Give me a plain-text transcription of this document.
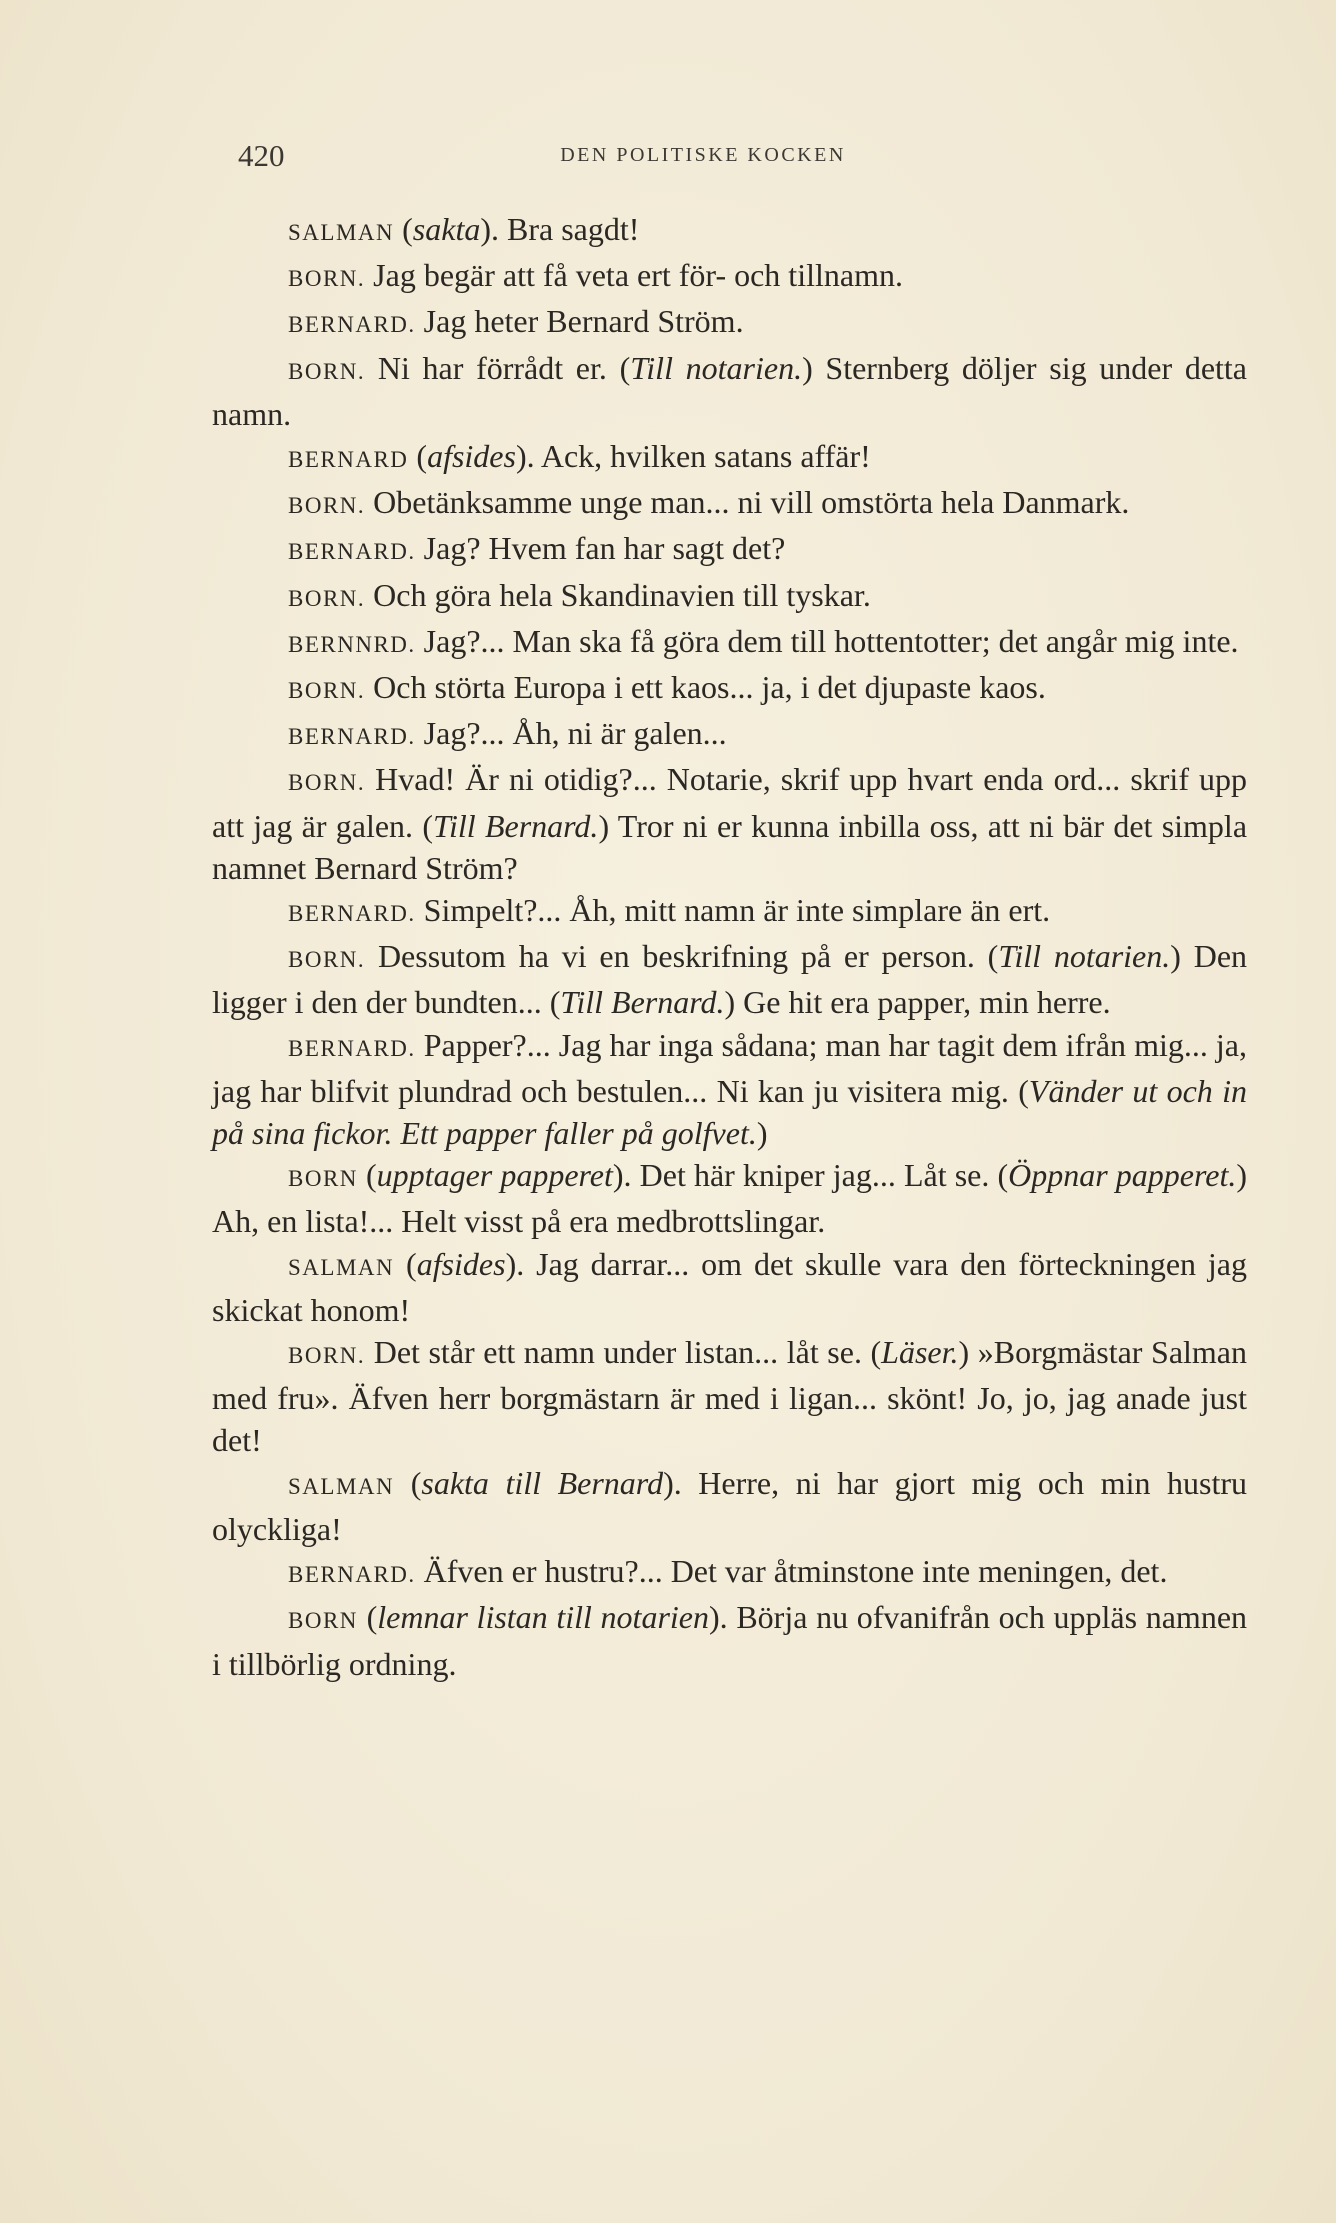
420	DEN POLITISKE KOCKEN

SALMAN (sakta). Bra sagdt!

BORN. Jag begär att få veta ert för- och tillnamn.

BERNARD. Jag heter Bernard Ström.

BORN. Ni har förrådt er. (Till notarien.) Sternberg döljer sig under detta namn.

BERNARD (afsides). Ack, hvilken satans affär!

BORN. Obetänksamme unge man... ni vill omstörta hela Danmark.

BERNARD. Jag? Hvem fan har sagt det?

BORN. Och göra hela Skandinavien till tyskar.

BERNNRD. Jag?... Man ska få göra dem till hottentotter; det angår mig inte.

BORN. Och störta Europa i ett kaos... ja, i det djupaste kaos.

BERNARD. Jag?... Åh, ni är galen...

BORN. Hvad! Är ni otidig?... Notarie, skrif upp hvart enda ord... skrif upp att jag är galen. (Till Bernard.) Tror ni er kunna inbilla oss, att ni bär det simpla namnet Bernard Ström?

BERNARD. Simpelt?... Åh, mitt namn är inte simplare än ert.

BORN. Dessutom ha vi en beskrifning på er person. (Till notarien.) Den ligger i den der bundten... (Till Bernard.) Ge hit era papper, min herre.

BERNARD. Papper?... Jag har inga sådana; man har tagit dem ifrån mig... ja, jag har blifvit plundrad och bestulen... Ni kan ju visitera mig. (Vänder ut och in på sina fickor. Ett papper faller på golfvet.)

BORN (upptager papperet). Det här kniper jag... Låt se. (Öppnar papperet.) Ah, en lista!... Helt visst på era medbrottslingar.

SALMAN (afsides). Jag darrar... om det skulle vara den förteckningen jag skickat honom!

BORN. Det står ett namn under listan... låt se. (Läser.) »Borgmästar Salman med fru». Äfven herr borgmästarn är med i ligan... skönt! Jo, jo, jag anade just det!

SALMAN (sakta till Bernard). Herre, ni har gjort mig och min hustru olyckliga!

BERNARD. Äfven er hustru?... Det var åtminstone inte meningen, det.

BORN (lemnar listan till notarien). Börja nu ofvanifrån och uppläs namnen i tillbörlig ordning.
